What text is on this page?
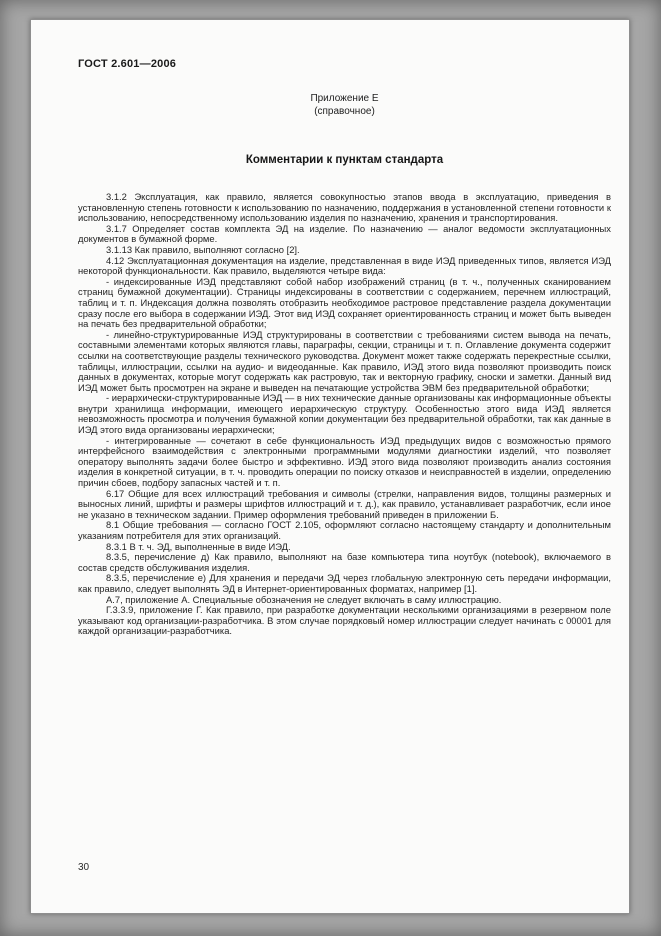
ГОСТ 2.601—2006
Приложение Е
(справочное)
Комментарии к пунктам стандарта

3.1.2 Эксплуатация, как правило, является совокупностью этапов ввода в эксплуатацию, приведения в установленную степень готовности к использованию по назначению, поддержания в установленной степени готовности к использованию, непосредственному использованию изделия по назначению, хранения и транспортирования.

3.1.7 Определяет состав комплекта ЭД на изделие. По назначению — аналог ведомости эксплуатационных документов в бумажной форме.

3.1.13 Как правило, выполняют согласно [2].

4.12 Эксплуатационная документация на изделие, представленная в виде ИЭД приведенных типов, является ИЭД некоторой функциональности. Как правило, выделяются четыре вида:

- индексированные ИЭД представляют собой набор изображений страниц (в т. ч., полученных сканированием страниц бумажной документации). Страницы индексированы в соответствии с содержанием, перечнем иллюстраций, таблиц и т. п. Индексация должна позволять отобразить необходимое растровое представление раздела документации сразу после его выбора в содержании ИЭД. Этот вид ИЭД сохраняет ориентированность страниц и может быть выведен на печать без предварительной обработки;

- линейно-структурированные ИЭД структурированы в соответствии с требованиями систем вывода на печать, составными элементами которых являются главы, параграфы, секции, страницы и т. п. Оглавление документа содержит ссылки на соответствующие разделы технического руководства. Документ может также содержать перекрестные ссылки, таблицы, иллюстрации, ссылки на аудио- и видеоданные. Как правило, ИЭД этого вида позволяют производить поиск данных в документах, которые могут содержать как растровую, так и векторную графику, сноски и заметки. Данный вид ИЭД может быть просмотрен на экране и выведен на печатающие устройства ЭВМ без предварительной обработки;

- иерархически-структурированные ИЭД — в них технические данные организованы как информационные объекты внутри хранилища информации, имеющего иерархическую структуру. Особенностью этого вида ИЭД является невозможность просмотра и получения бумажной копии документации без предварительной обработки, так как данные в ИЭД этого вида организованы иерархически;

- интегрированные — сочетают в себе функциональность ИЭД предыдущих видов с возможностью прямого интерфейсного взаимодействия с электронными программными модулями диагностики изделий, что позволяет оператору выполнять задачи более быстро и эффективно. ИЭД этого вида позволяют производить анализ состояния изделия в конкретной ситуации, в т. ч. проводить операции по поиску отказов и неисправностей в изделии, определению причин сбоев, подбору запасных частей и т. п.

6.17 Общие для всех иллюстраций требования и символы (стрелки, направления видов, толщины размерных и выносных линий, шрифты и размеры шрифтов иллюстраций и т. д.), как правило, устанавливает разработчик, если иное не указано в техническом задании. Пример оформления требований приведен в приложении Б.

8.1 Общие требования — согласно ГОСТ 2.105, оформляют согласно настоящему стандарту и дополнительным указаниям потребителя для этих организаций.

8.3.1 В т. ч. ЭД, выполненные в виде ИЭД.

8.3.5, перечисление д) Как правило, выполняют на базе компьютера типа ноутбук (notebook), включаемого в состав средств обслуживания изделия.

8.3.5, перечисление е) Для хранения и передачи ЭД через глобальную электронную сеть передачи информации, как правило, следует выполнять ЭД в Интернет-ориентированных форматах, например [1].

А.7, приложение А. Специальные обозначения не следует включать в саму иллюстрацию.

Г.3.3.9, приложение Г. Как правило, при разработке документации несколькими организациями в резервном поле указывают код организации-разработчика. В этом случае порядковый номер иллюстрации следует начинать с 00001 для каждой организации-разработчика.

30
